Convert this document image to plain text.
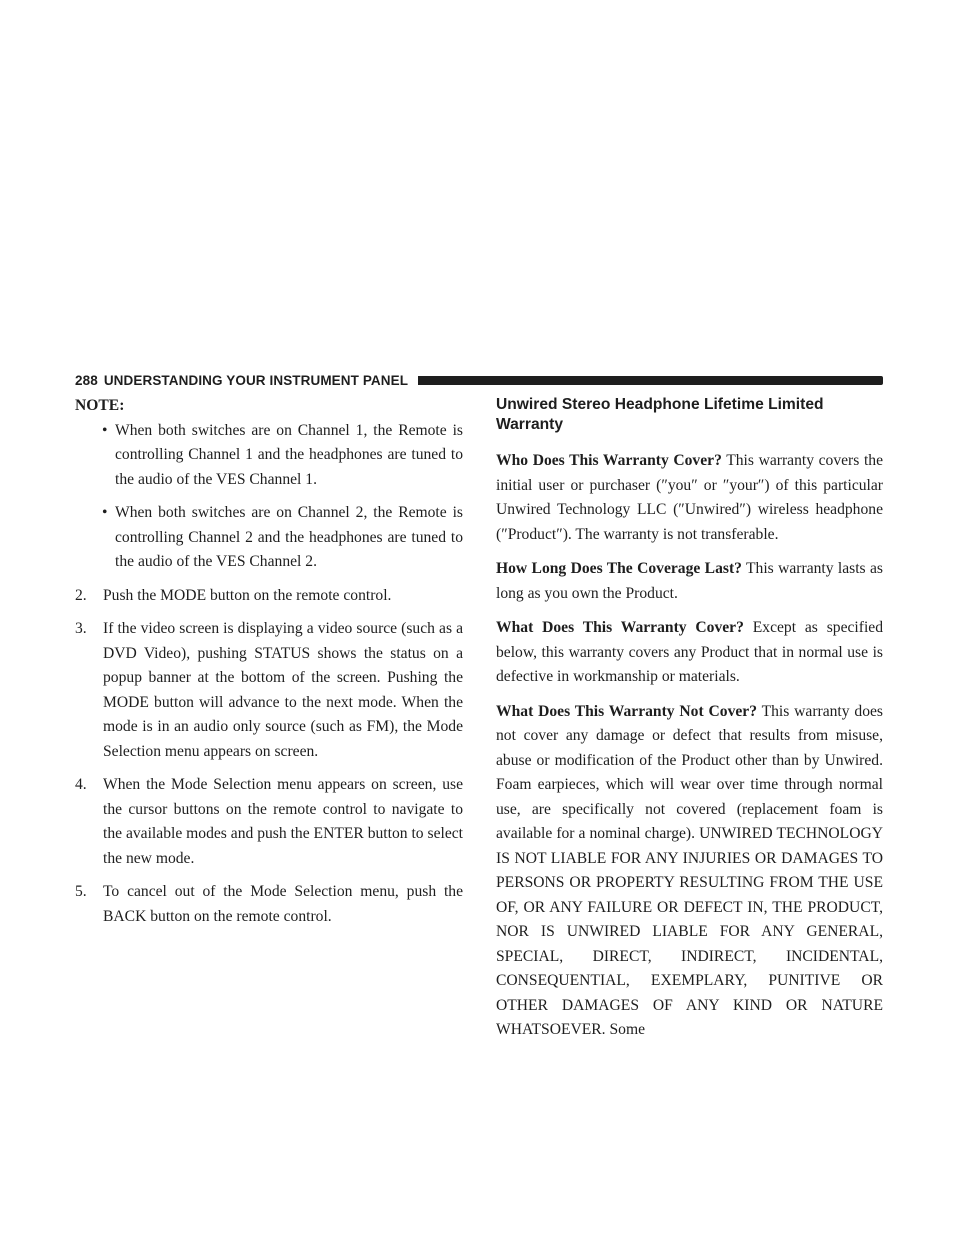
288 UNDERSTANDING YOUR INSTRUMENT PANEL

NOTE:

• When both switches are on Channel 1, the Remote is controlling Channel 1 and the headphones are tuned to the audio of the VES Channel 1.
• When both switches are on Channel 2, the Remote is controlling Channel 2 and the headphones are tuned to the audio of the VES Channel 2.
2. Push the MODE button on the remote control.
3. If the video screen is displaying a video source (such as a DVD Video), pushing STATUS shows the status on a popup banner at the bottom of the screen. Pushing the MODE button will advance to the next mode. When the mode is in an audio only source (such as FM), the Mode Selection menu appears on screen.
4. When the Mode Selection menu appears on screen, use the cursor buttons on the remote control to navigate to the available modes and push the ENTER button to select the new mode.
5. To cancel out of the Mode Selection menu, push the BACK button on the remote control.
Unwired Stereo Headphone Lifetime Limited Warranty

Who Does This Warranty Cover? This warranty covers the initial user or purchaser (″you″ or ″your″) of this particular Unwired Technology LLC (″Unwired″) wireless headphone (″Product″). The warranty is not transferable.

How Long Does The Coverage Last? This warranty lasts as long as you own the Product.

What Does This Warranty Cover? Except as specified below, this warranty covers any Product that in normal use is defective in workmanship or materials.

What Does This Warranty Not Cover? This warranty does not cover any damage or defect that results from misuse, abuse or modification of the Product other than by Unwired. Foam earpieces, which will wear over time through normal use, are specifically not covered (replacement foam is available for a nominal charge). UNWIRED TECHNOLOGY IS NOT LIABLE FOR ANY INJURIES OR DAMAGES TO PERSONS OR PROPERTY RESULTING FROM THE USE OF, OR ANY FAILURE OR DEFECT IN, THE PRODUCT, NOR IS UNWIRED LIABLE FOR ANY GENERAL, SPECIAL, DIRECT, INDIRECT, INCIDENTAL, CONSEQUENTIAL, EXEMPLARY, PUNITIVE OR OTHER DAMAGES OF ANY KIND OR NATURE WHATSOEVER. Some
